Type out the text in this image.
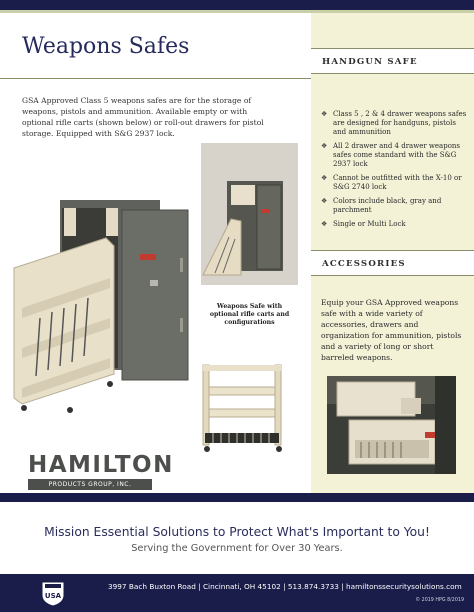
Weapons Safes

GSA Approved Class 5 weapons safes are for the storage of weapons, pistols and ammunition. Available empty or with optional rifle carts (shown below) or roll-out drawers for pistol storage. Equipped with S&G 2937 lock.

HANDGUN SAFE
❖ Class 5 , 2 & 4 drawer weapons safes are designed for handguns, pistols and ammunition
❖ All 2 drawer and 4 drawer weapons safes come standard with the S&G 2937 lock
❖ Cannot be outfitted with the X-10 or S&G 2740 lock
❖ Colors include black, gray and parchment
❖ Single or Multi Lock
ACCESSORIES

Equip your GSA Approved weapons safe with a wide variety of accessories, drawers and organization for ammunition, pistols and a variety of long or short barreled weapons.

Weapons Safe with optional rifle carts and configurations
HAMILTON
PRODUCTS GROUP, INC.
Mission Essential Solutions to Protect What's Important to You!
Serving the Government for Over 30 Years.
USA
3997 Bach Buxton Road | Cincinnati, OH 45102 | 513.874.3733 | hamiltonssecuritysolutions.com
© 2019 HPG 8/2019
